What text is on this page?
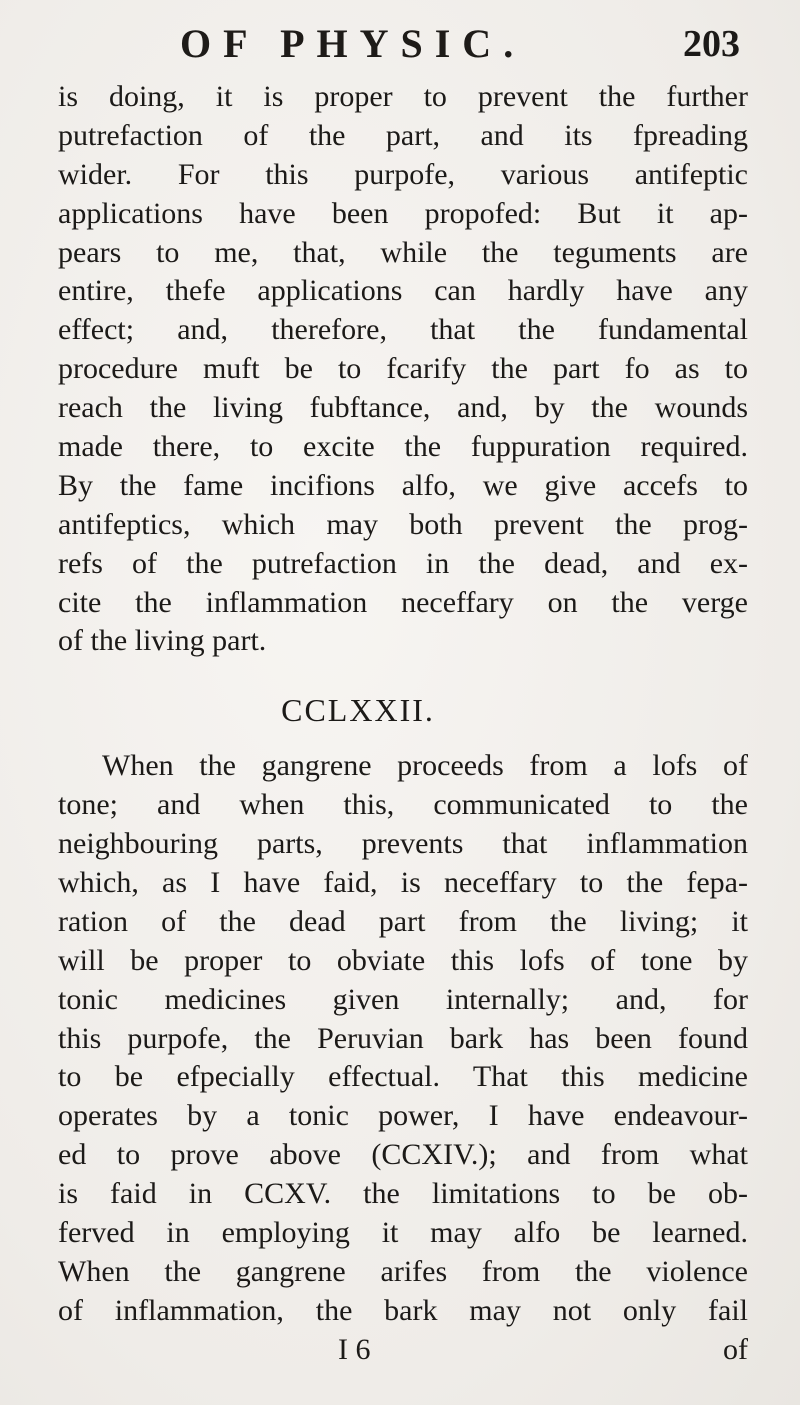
OF PHYSIC.	203
is doing, it is proper to prevent the further
putrefaction of the part, and its fpreading
wider. For this purpofe, various antifeptic
applications have been propofed: But it ap-
pears to me, that, while the teguments are
entire, thefe applications can hardly have any
effect; and, therefore, that the fundamental
procedure muft be to fcarify the part fo as to
reach the living fubftance, and, by the wounds
made there, to excite the fuppuration required.
By the fame incifions alfo, we give accefs to
antifeptics, which may both prevent the prog-
refs of the putrefaction in the dead, and ex-
cite the inflammation neceffary on the verge
of the living part.
CCLXXII.
When the gangrene proceeds from a lofs of
tone; and when this, communicated to the
neighbouring parts, prevents that inflammation
which, as I have faid, is neceffary to the fepa-
ration of the dead part from the living; it
will be proper to obviate this lofs of tone by
tonic medicines given internally; and, for
this purpofe, the Peruvian bark has been found
to be efpecially effectual. That this medicine
operates by a tonic power, I have endeavour-
ed to prove above (CCXIV.); and from what
is faid in CCXV. the limitations to be ob-
ferved in employing it may alfo be learned.
When the gangrene arifes from the violence
of inflammation, the bark may not only fail
I 6	of
